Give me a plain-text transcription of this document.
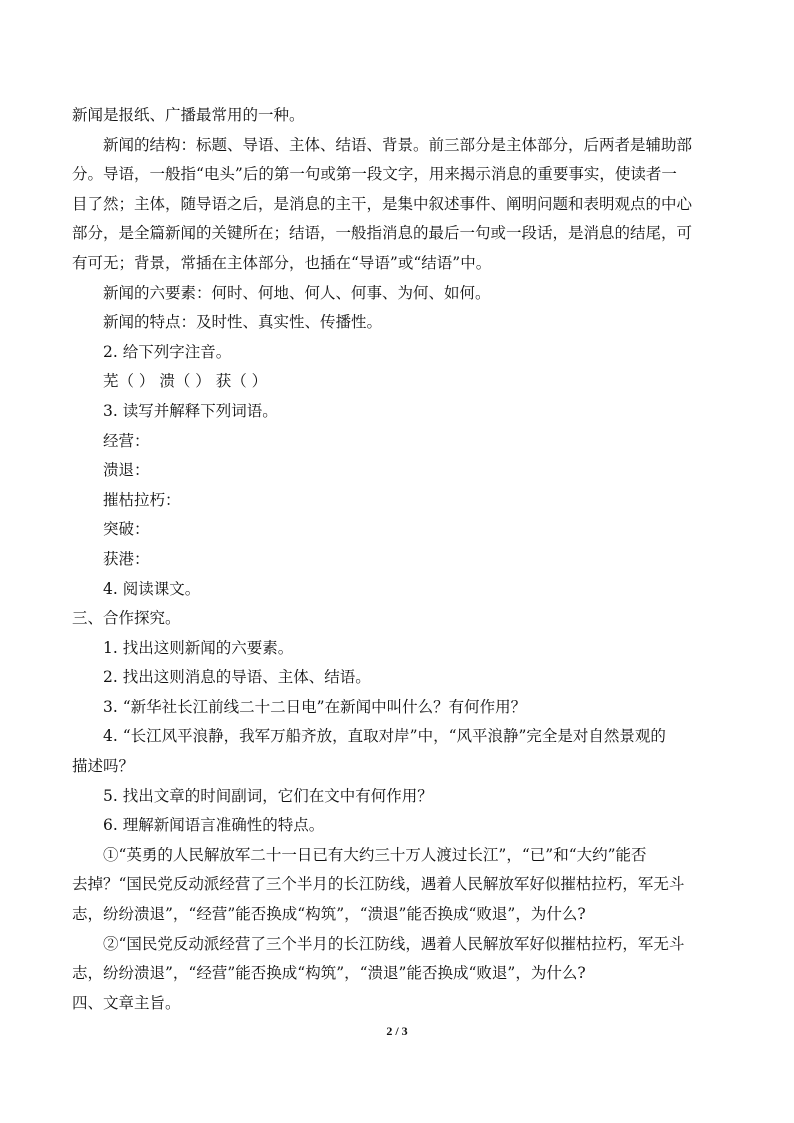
新闻是报纸、广播最常用的一种。
新闻的结构：标题、导语、主体、结语、背景。前三部分是主体部分，后两者是辅助部
分。导语，一般指“电头”后的第一句或第一段文字，用来揭示消息的重要事实，使读者一
目了然；主体，随导语之后，是消息的主干，是集中叙述事件、阐明问题和表明观点的中心
部分，是全篇新闻的关键所在；结语，一般指消息的最后一句或一段话，是消息的结尾，可
有可无；背景，常插在主体部分，也插在“导语”或“结语”中。
新闻的六要素：何时、何地、何人、何事、为何、如何。
新闻的特点：及时性、真实性、传播性。
2. 给下列字注音。
芜（ ） 溃（ ） 获（ ）
3. 读写并解释下列词语。
经营：
溃退：
摧枯拉朽：
突破：
获港：
4. 阅读课文。
三、合作探究。
1. 找出这则新闻的六要素。
2. 找出这则消息的导语、主体、结语。
3. “新华社长江前线二十二日电”在新闻中叫什么？有何作用？
4. “长江风平浪静，我军万船齐放，直取对岸”中，“风平浪静”完全是对自然景观的
描述吗？
5. 找出文章的时间副词，它们在文中有何作用？
6. 理解新闻语言准确性的特点。
①“英勇的人民解放军二十一日已有大约三十万人渡过长江”，“已”和“大约”能否
去掉？“国民党反动派经营了三个半月的长江防线，遇着人民解放军好似摧枯拉朽，军无斗
志，纷纷溃退”，“经营”能否换成“构筑”，“溃退”能否换成“败退”，为什么?
②“国民党反动派经营了三个半月的长江防线，遇着人民解放军好似摧枯拉朽，军无斗
志，纷纷溃退”，“经营”能否换成“构筑”，“溃退”能否换成“败退”，为什么?
四、文章主旨。
2 / 3
